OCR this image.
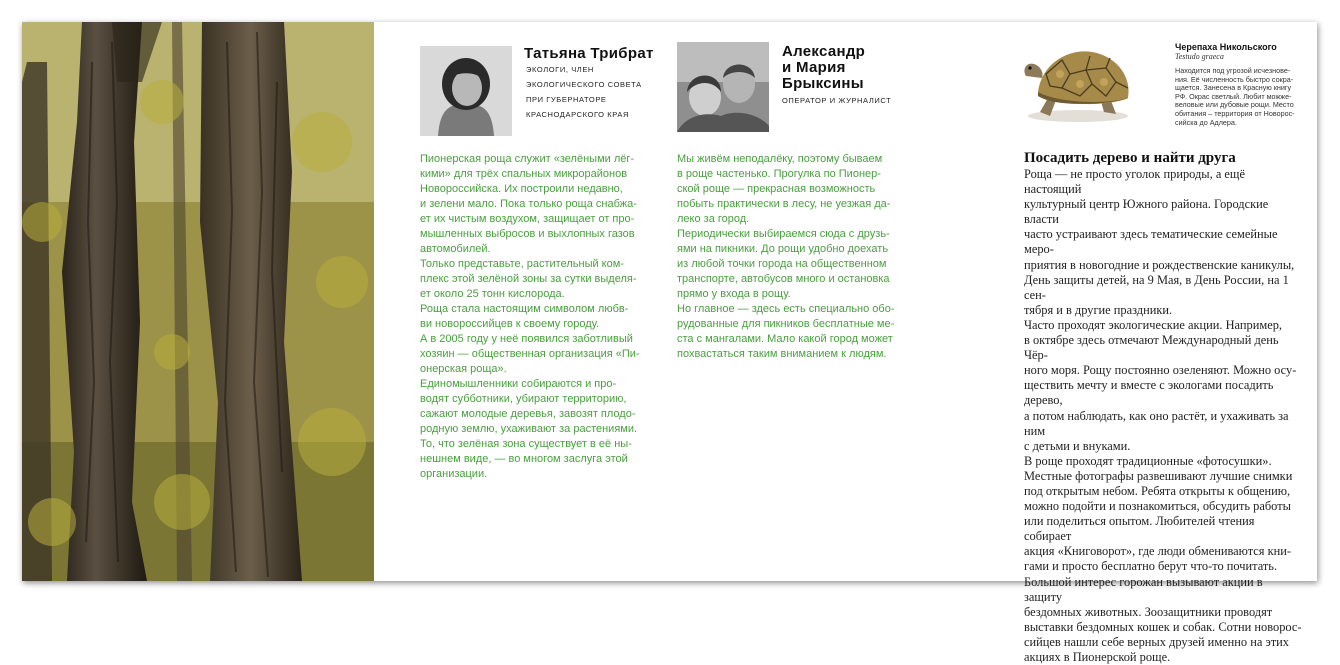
Татьяна Трибрат
ЭКОЛОГИ, ЧЛЕН
ЭКОЛОГИЧЕСКОГО СОВЕТА
ПРИ ГУБЕРНАТОРЕ
КРАСНОДАРСКОГО КРАЯ

Пионерская роща служит «зелёными лёг-

кими» для трёх спальных микрорайонов

Новороссийска. Их построили недавно,

и зелени мало. Пока только роща снабжа-

ет их чистым воздухом, защищает от про-

мышленных выбросов и выхлопных газов

автомобилей.

Только представьте, растительный ком-

плекс этой зелёной зоны за сутки выделя-

ет около 25 тонн кислорода.

Роща стала настоящим символом любв-

ви новороссийцев к своему городу.

А в 2005 году у неё появился заботливый

хозяин — общественная организация «Пи-

онерская роща».

Единомышленники собираются и про-

водят субботники, убирают территорию,

сажают молодые деревья, завозят плодо-

родную землю, ухаживают за растениями.

То, что зелёная зона существует в её ны-

нешнем виде, — во многом заслуга этой

организации.

Александр
и Мария
Брыксины
ОПЕРАТОР И ЖУРНАЛИСТ

Мы живём неподалёку, поэтому бываем

в роще частенько. Прогулка по Пионер-

ской роще — прекрасная возможность

побыть практически в лесу, не уезжая да-

леко за город.

Периодически выбираемся сюда с друзь-

ями на пикники. До рощи удобно доехать

из любой точки города на общественном

транспорте, автобусов много и остановка

прямо у входа в рощу.

Но главное — здесь есть специально обо-

рудованные для пикников бесплатные ме-

ста с мангалами. Мало какой город может

похвастаться таким вниманием к людям.

Черепаха Никольского
Testudo graeca
Находится под угрозой исчезнове-
ния. Её численность быстро сокра-
щается. Занесена в Красную книгу
РФ. Окрас светлый. Любит можже-
веловые или дубовые рощи. Место
обитания – территория от Новорос-
сийска до Адлера.
Посадить дерево и найти друга

Роща — не просто уголок природы, а ещё настоящий

культурный центр Южного района. Городские власти

часто устраивают здесь тематические семейные меро-

приятия в новогодние и рождественские каникулы,

День защиты детей, на 9 Мая, в День России, на 1 сен-

тября и в другие праздники.

Часто проходят экологические акции. Например,

в октябре здесь отмечают Международный день Чёр-

ного моря. Рощу постоянно озеленяют. Можно осу-

ществить мечту и вместе с экологами посадить дерево,

а потом наблюдать, как оно растёт, и ухаживать за ним

с детьми и внуками.

В роще проходят традиционные «фотосушки».

Местные фотографы развешивают лучшие снимки

под открытым небом. Ребята открыты к общению,

можно подойти и познакомиться, обсудить работы

или поделиться опытом. Любителей чтения собирает

акция «Книговорот», где люди обмениваются кни-

гами и просто бесплатно берут что-то почитать.

Большой интерес горожан вызывают акции в защиту

бездомных животных. Зоозащитники проводят

выставки бездомных кошек и собак. Сотни новорос-

сийцев нашли себе верных друзей именно на этих

акциях в Пионерской роще.
